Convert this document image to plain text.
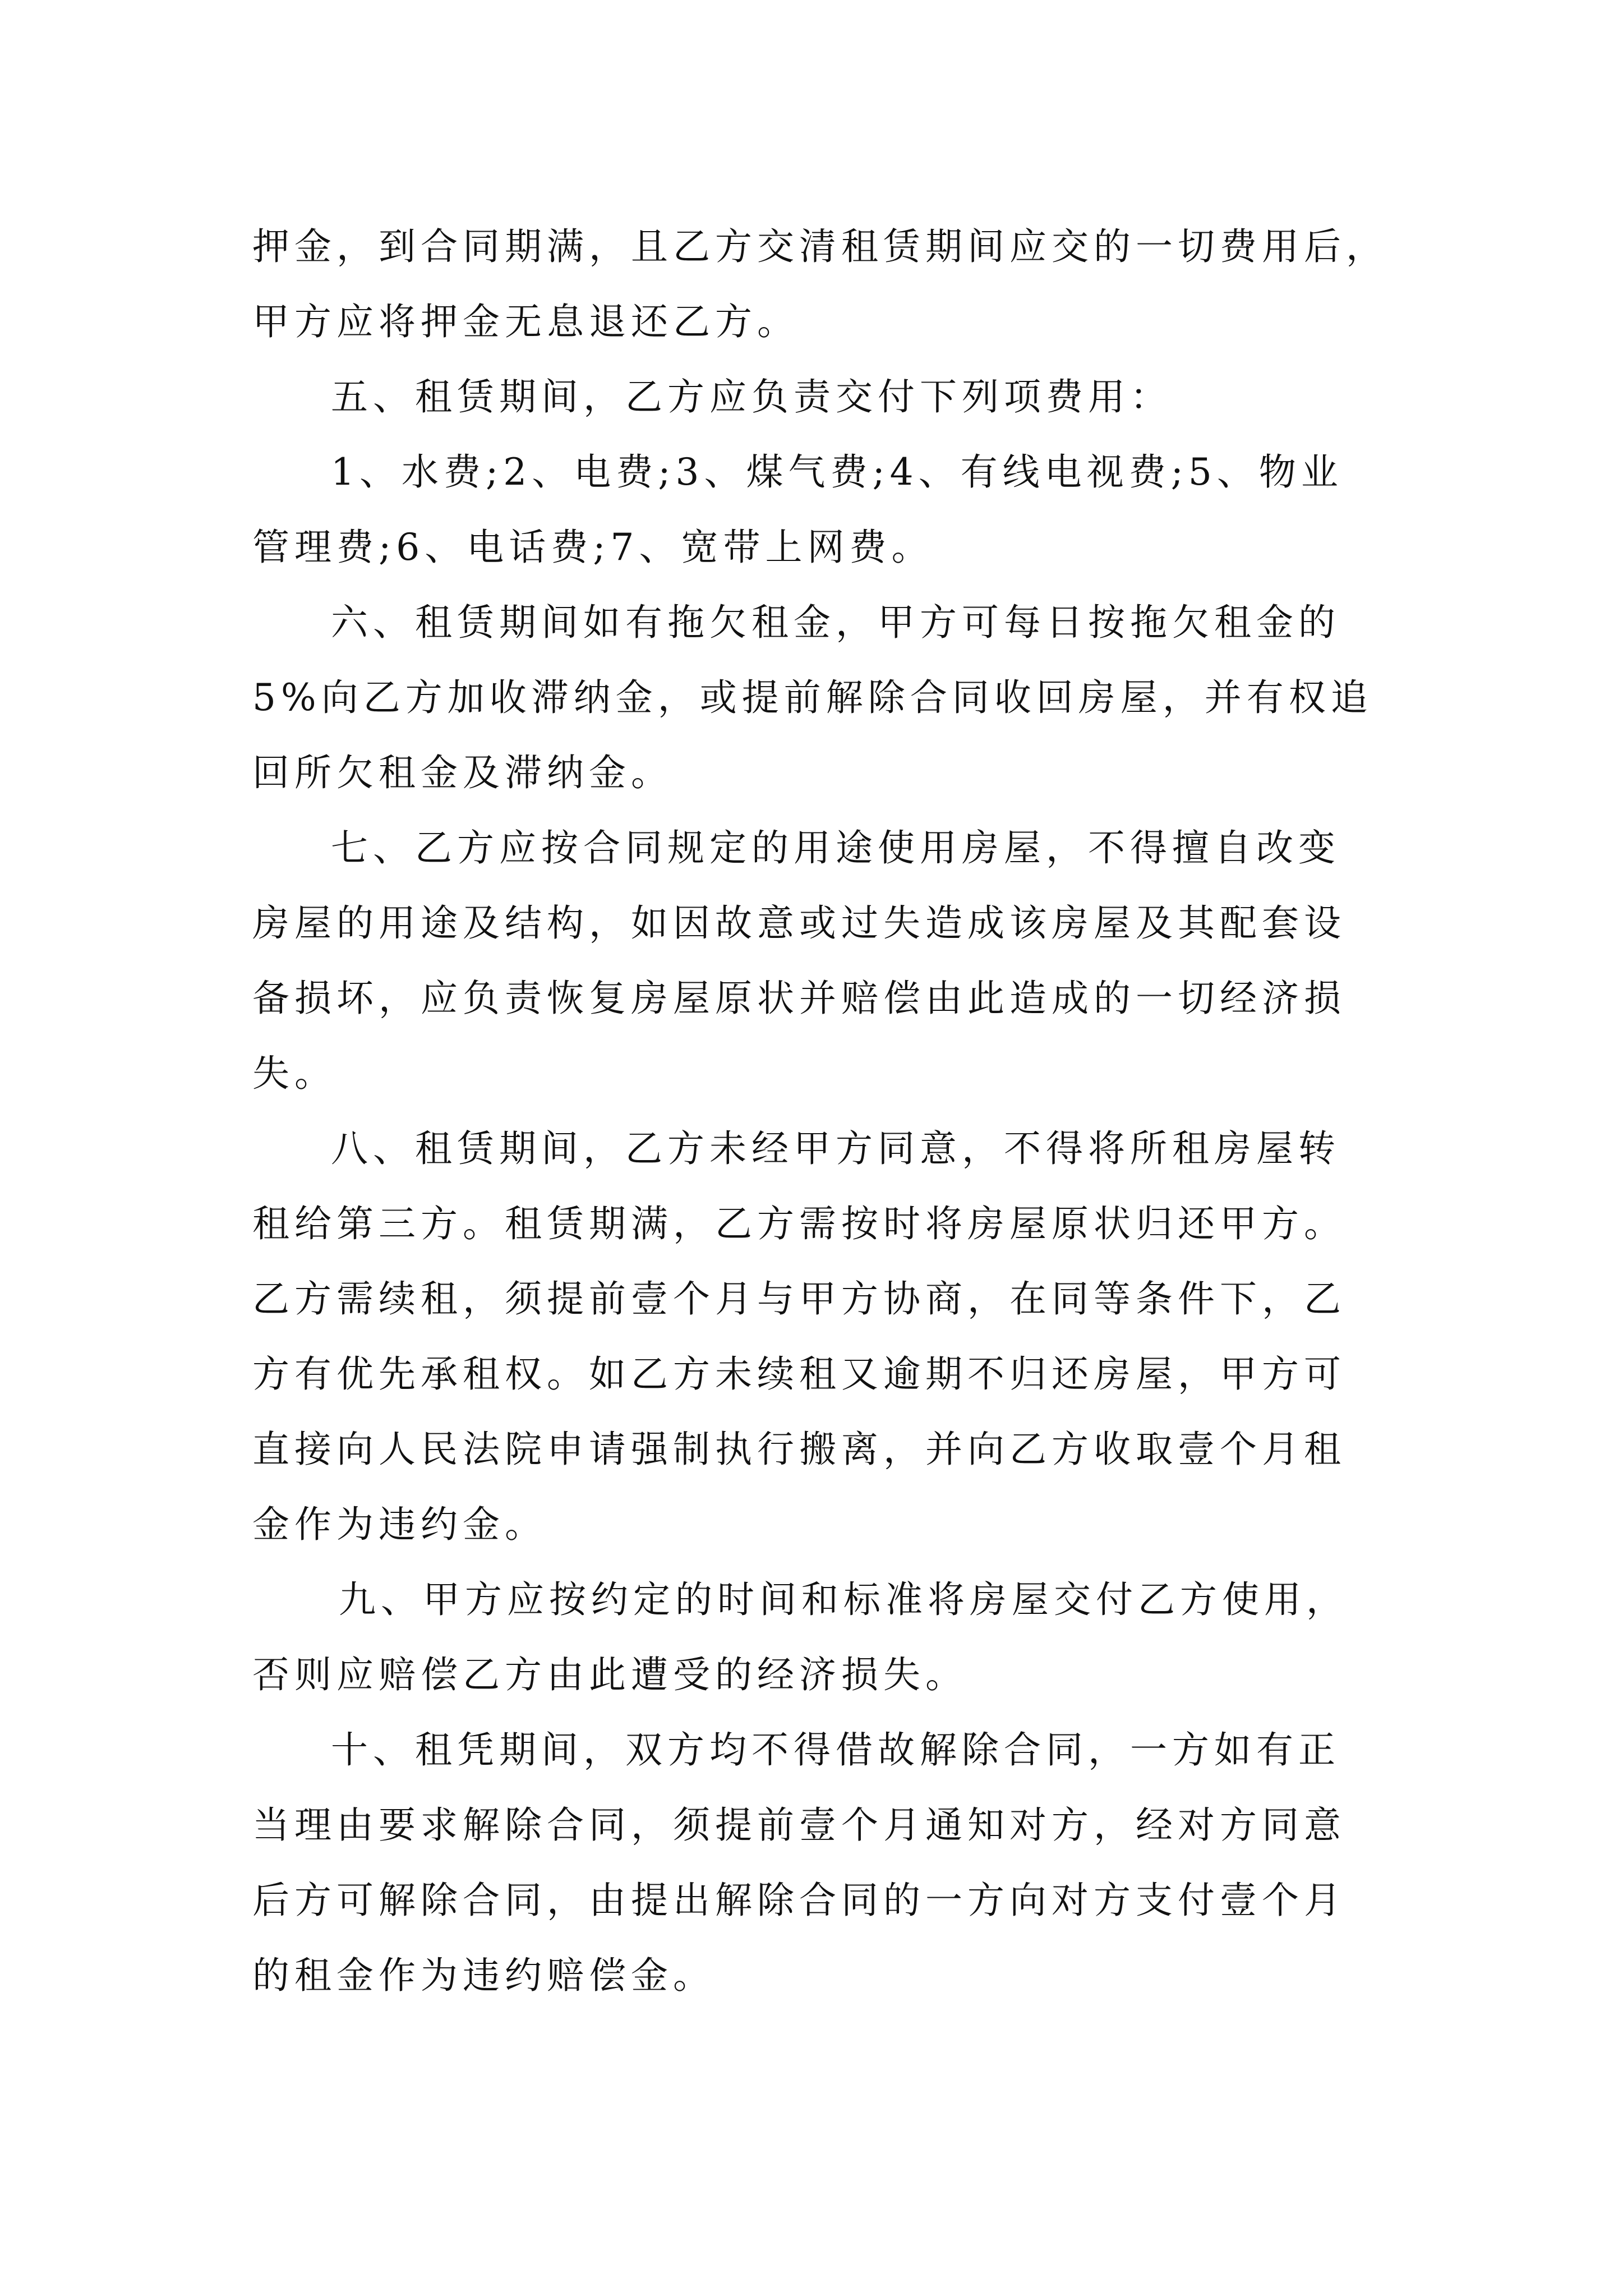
押金，到合同期满，且乙方交清租赁期间应交的一切费用后，
甲方应将押金无息退还乙方。
五、租赁期间，乙方应负责交付下列项费用：
1、水费;2、电费;3、煤气费;4、有线电视费;5、物业
管理费;6、电话费;7、宽带上网费。
六、租赁期间如有拖欠租金，甲方可每日按拖欠租金的
5%向乙方加收滞纳金，或提前解除合同收回房屋，并有权追
回所欠租金及滞纳金。
七、乙方应按合同规定的用途使用房屋，不得擅自改变
房屋的用途及结构，如因故意或过失造成该房屋及其配套设
备损坏，应负责恢复房屋原状并赔偿由此造成的一切经济损
失。
八、租赁期间，乙方未经甲方同意，不得将所租房屋转
租给第三方。租赁期满，乙方需按时将房屋原状归还甲方。
乙方需续租，须提前壹个月与甲方协商，在同等条件下，乙
方有优先承租权。如乙方未续租又逾期不归还房屋，甲方可
直接向人民法院申请强制执行搬离，并向乙方收取壹个月租
金作为违约金。
九、甲方应按约定的时间和标准将房屋交付乙方使用，
否则应赔偿乙方由此遭受的经济损失。
十、租凭期间，双方均不得借故解除合同，一方如有正
当理由要求解除合同，须提前壹个月通知对方，经对方同意
后方可解除合同，由提出解除合同的一方向对方支付壹个月
的租金作为违约赔偿金。
